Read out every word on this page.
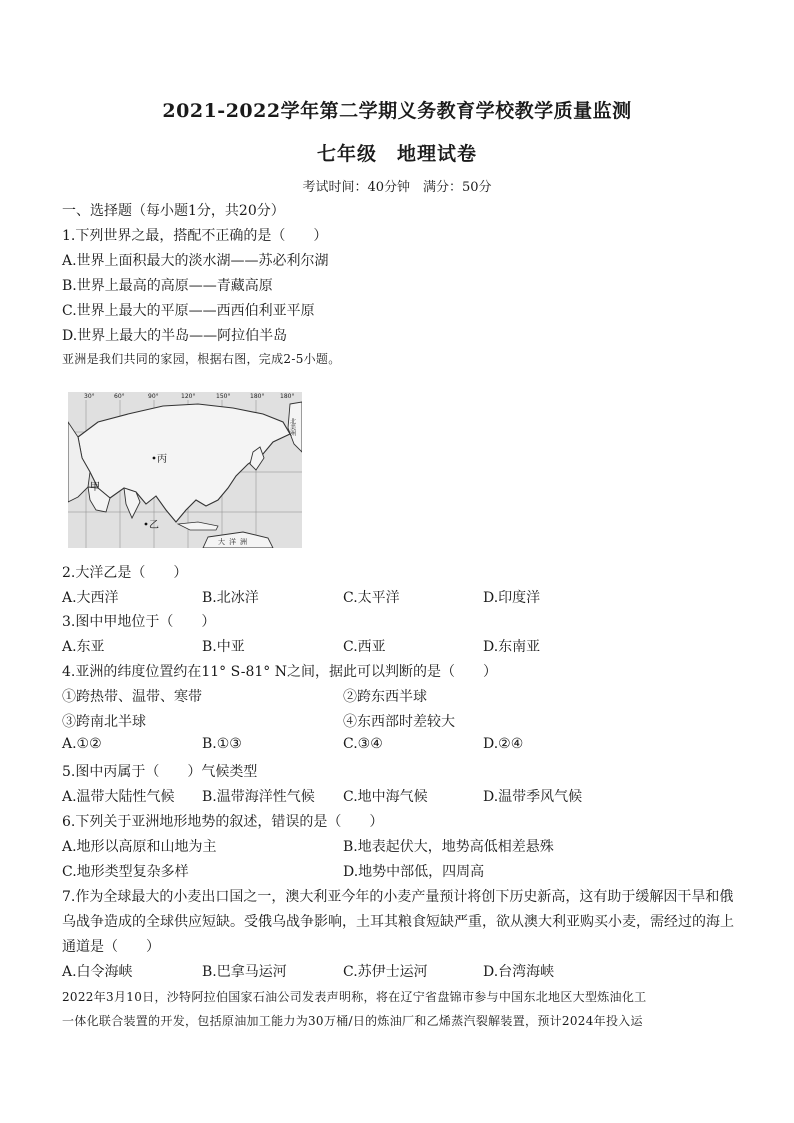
2021-2022学年第二学期义务教育学校教学质量监测
七年级　地理试卷
考试时间：40分钟　满分：50分
一、选择题（每小题1分，共20分）
1.下列世界之最，搭配不正确的是（　　）
A.世界上面积最大的淡水湖——苏必利尔湖
B.世界上最高的高原——青藏高原
C.世界上最大的平原——西西伯利亚平原
D.世界上最大的半岛——阿拉伯半岛
亚洲是我们共同的家园，根据右图，完成2-5小题。
30°	60°	90°	120°	150°	180°	180°
丙
甲
乙
北美洲
大洋洲
2.大洋乙是（　　）
A.大西洋	B.北冰洋	C.太平洋	D.印度洋
3.图中甲地位于（　　）
A.东亚	B.中亚	C.西亚	D.东南亚
4.亚洲的纬度位置约在11° S-81° N之间，据此可以判断的是（　　）
①跨热带、温带、寒带	②跨东西半球
③跨南北半球	④东西部时差较大
A.①②	B.①③	C.③④	D.②④
5.图中丙属于（　　）气候类型
A.温带大陆性气候 B.温带海洋性气候 C.地中海气候	D.温带季风气候
6.下列关于亚洲地形地势的叙述，错误的是（　　）
A.地形以高原和山地为主	B.地表起伏大，地势高低相差悬殊
C.地形类型复杂多样	D.地势中部低，四周高
7.作为全球最大的小麦出口国之一，澳大利亚今年的小麦产量预计将创下历史新高，这有助于缓解因干旱和俄
乌战争造成的全球供应短缺。受俄乌战争影响，土耳其粮食短缺严重，欲从澳大利亚购买小麦，需经过的海上
通道是（　　）
A.白令海峡	B.巴拿马运河	C.苏伊士运河	D.台湾海峡
2022年3月10日，沙特阿拉伯国家石油公司发表声明称，将在辽宁省盘锦市参与中国东北地区大型炼油化工
一体化联合装置的开发，包括原油加工能力为30万桶/日的炼油厂和乙烯蒸汽裂解装置，预计2024年投入运
